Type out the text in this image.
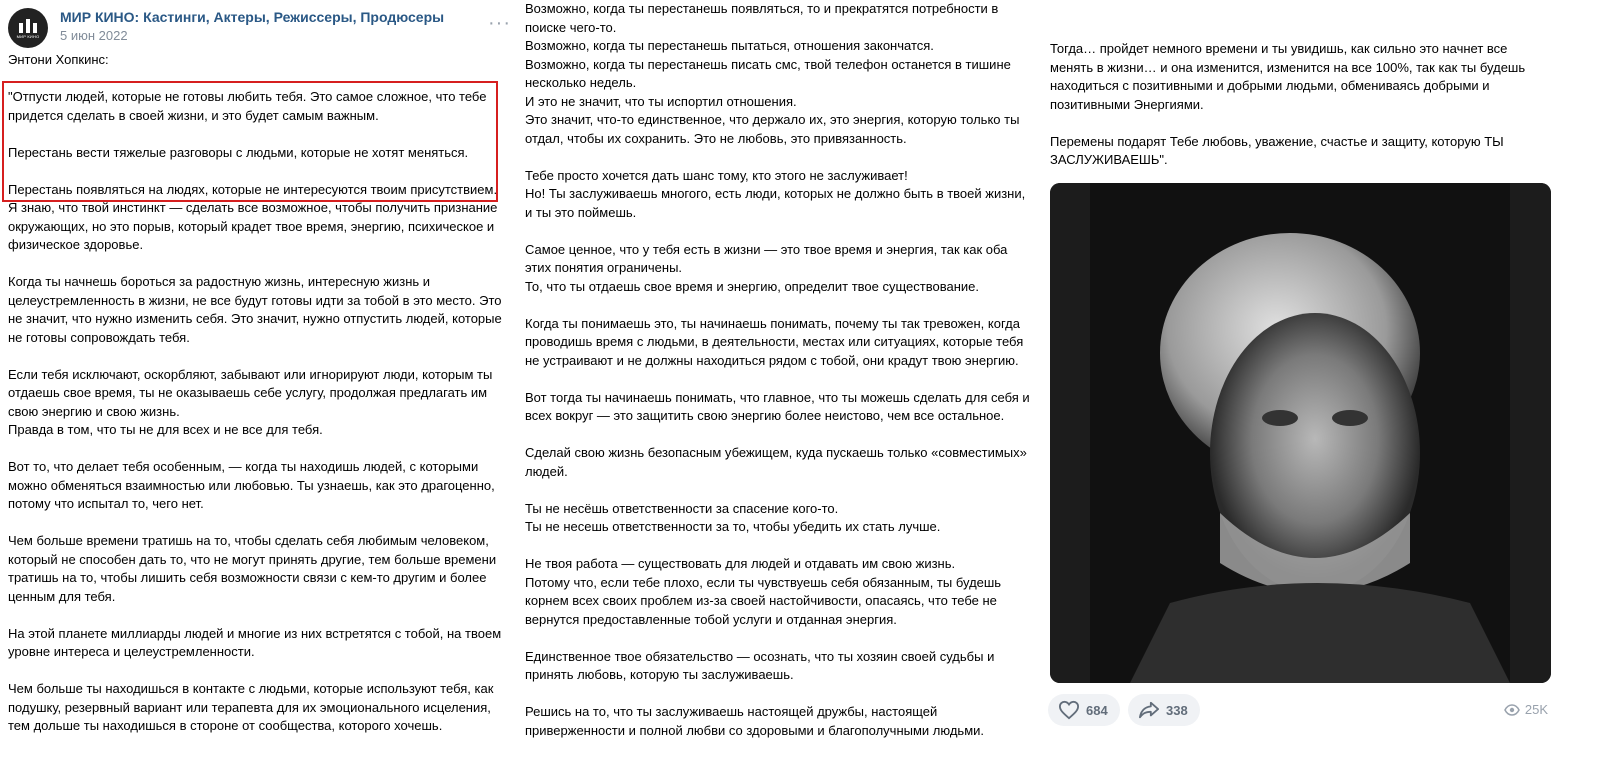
МИР КИНО
МИР КИНО: Кастинги, Актеры, Режиссеры, Продюсеры
5 июн 2022
···
Энтони Хопкинс:
"Отпусти людей, которые не готовы любить тебя. Это самое сложное, что тебе придется сделать в своей жизни, и это будет самым важным.
Перестань вести тяжелые разговоры с людьми, которые не хотят меняться.
Перестань появляться на людях, которые не интересуются твоим присутствием. Я знаю, что твой инстинкт — сделать все возможное, чтобы получить признание окружающих, но это порыв, который крадет твое время, энергию, психическое и физическое здоровье.
Когда ты начнешь бороться за радостную жизнь, интересную жизнь и целеустремленность в жизни, не все будут готовы идти за тобой в это место. Это не значит, что нужно изменить себя. Это значит, нужно отпустить людей, которые не готовы сопровождать тебя.
Если тебя исключают, оскорбляют, забывают или игнорируют люди, которым ты отдаешь свое время, ты не оказываешь себе услугу, продолжая предлагать им свою энергию и свою жизнь.
Правда в том, что ты не для всех и не все для тебя.
Вот то, что делает тебя особенным, — когда ты находишь людей, с которыми можно обменяться взаимностью или любовью. Ты узнаешь, как это драгоценно, потому что испытал то, чего нет.
Чем больше времени тратишь на то, чтобы сделать себя любимым человеком, который не способен дать то, что не могут принять другие, тем больше времени тратишь на то, чтобы лишить себя возможности связи с кем-то другим и более ценным для тебя.
На этой планете миллиарды людей и многие из них встретятся с тобой, на твоем уровне интереса и целеустремленности.
Чем больше ты находишься в контакте с людьми, которые используют тебя, как подушку, резервный вариант или терапевта для их эмоционального исцеления, тем дольше ты находишься в стороне от сообщества, которого хочешь.
Возможно, когда ты перестанешь появляться, то и прекратятся потребности в поиске чего-то.
Возможно, когда ты перестанешь пытаться, отношения закончатся.
Возможно, когда ты перестанешь писать смс, твой телефон останется в тишине несколько недель.
И это не значит, что ты испортил отношения.
Это значит, что-то единственное, что держало их, это энергия, которую только ты отдал, чтобы их сохранить. Это не любовь, это привязанность.
Тебе просто хочется дать шанс тому, кто этого не заслуживает!
Но! Ты заслуживаешь многого, есть люди, которых не должно быть в твоей жизни, и ты это поймешь.
Самое ценное, что у тебя есть в жизни — это твое время и энергия, так как оба этих понятия ограничены.
То, что ты отдаешь свое время и энергию, определит твое существование.
Когда ты понимаешь это, ты начинаешь понимать, почему ты так тревожен, когда проводишь время с людьми, в деятельности, местах или ситуациях, которые тебя не устраивают и не должны находиться рядом с тобой, они крадут твою энергию.
Вот тогда ты начинаешь понимать, что главное, что ты можешь сделать для себя и всех вокруг — это защитить свою энергию более неистово, чем все остальное.
Сделай свою жизнь безопасным убежищем, куда пускаешь только «совместимых» людей.
Ты не несёшь ответственности за спасение кого-то.
Ты не несешь ответственности за то, чтобы убедить их стать лучше.
Не твоя работа — существовать для людей и отдавать им свою жизнь.
Потому что, если тебе плохо, если ты чувствуешь себя обязанным, ты будешь корнем всех своих проблем из-за своей настойчивости, опасаясь, что тебе не вернутся предоставленные тобой услуги и отданная энергия.
Единственное твое обязательство — осознать, что ты хозяин своей судьбы и принять любовь, которую ты заслуживаешь.
Решись на то, что ты заслуживаешь настоящей дружбы, настоящей приверженности и полной любви со здоровыми и благополучными людьми.
Тогда… пройдет немного времени и ты увидишь, как сильно это начнет все менять в жизни… и она изменится, изменится на все 100%, так как ты будешь находиться с позитивными и добрыми людьми, обмениваясь добрыми и позитивными Энергиями.
Перемены подарят Тебе любовь, уважение, счастье и защиту, которую ТЫ ЗАСЛУЖИВАЕШЬ".
684	338	25K
